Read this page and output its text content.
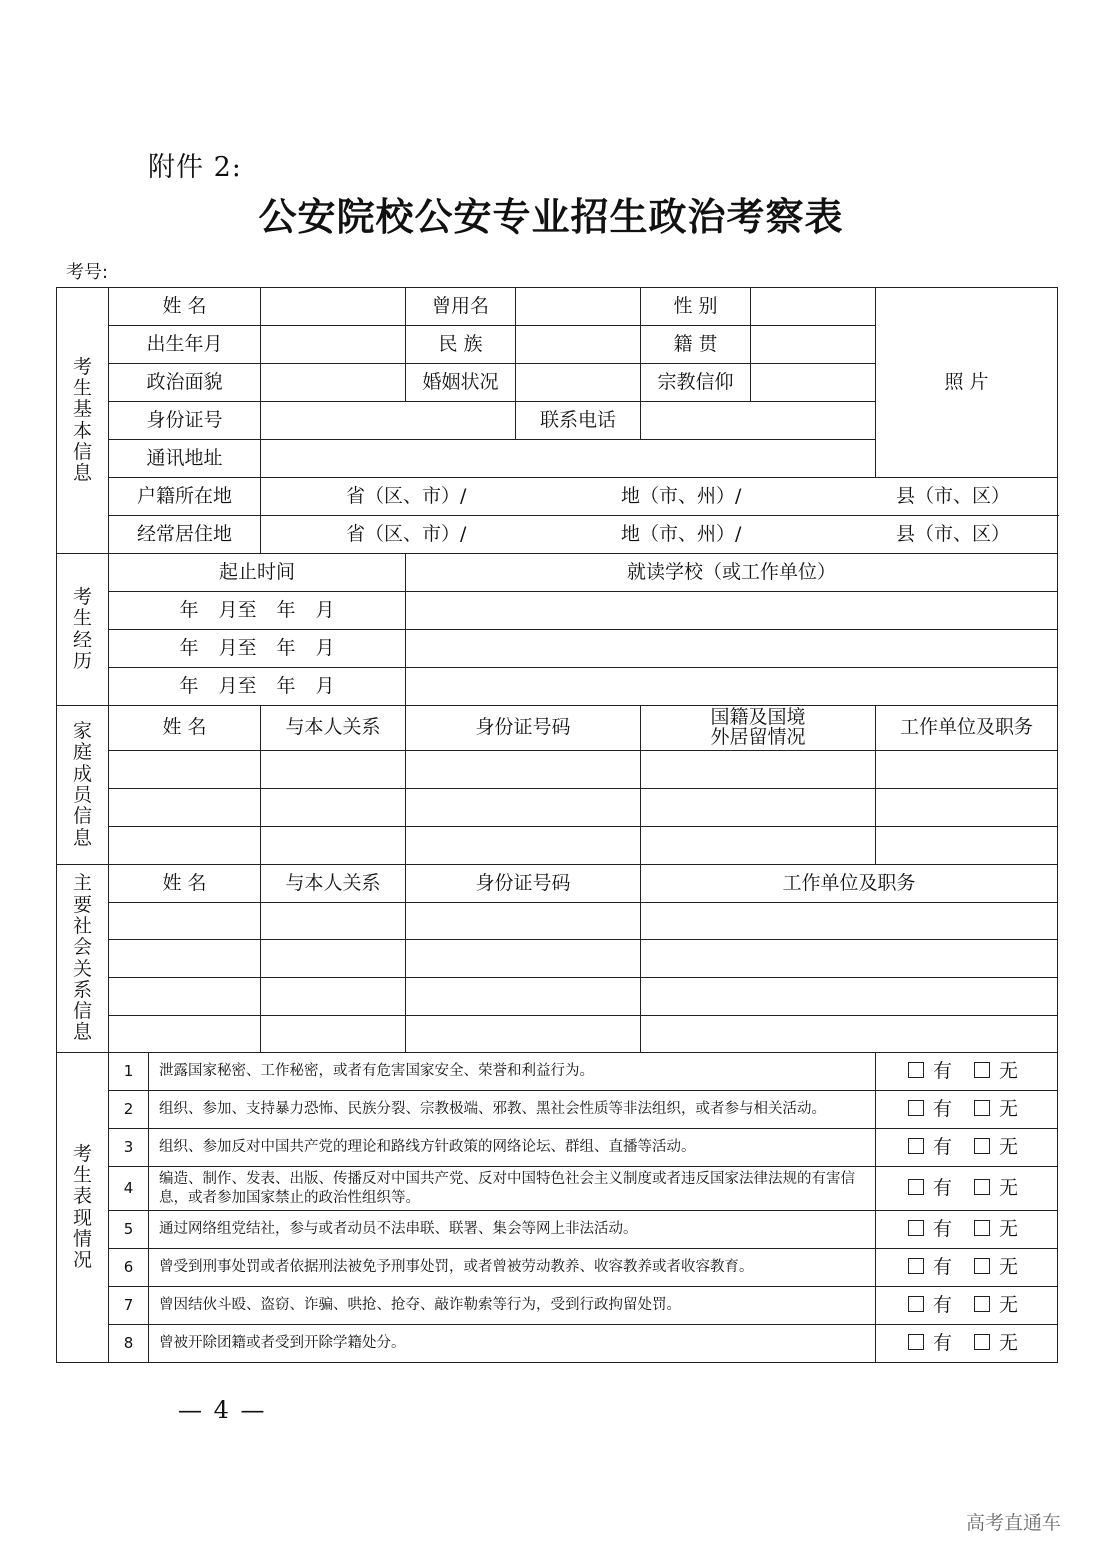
附件 2:
公安院校公安专业招生政治考察表
考号:
考生基本信息	姓 名			曾用名		性 别		照 片
	出生年月			民 族		籍 贯		
	政治面貌			婚姻状况		宗教信仰		
	身份证号				联系电话			
	通讯地址							
	户籍所在地		省（区、市）/ 地（市、州）/ 县（市、区）					
	经常居住地		省（区、市）/ 地（市、州）/ 县（市、区）					
考生经历	起止时间			就读学校（或工作单位）				
	年 月至 年 月							
	年 月至 年 月							
	年 月至 年 月							
家庭成员信息	姓 名		与本人关系	身份证号码		国籍及国境外居留情况		工作单位及职务

主要社会关系信息	姓 名		与本人关系	身份证号码		工作单位及职务		

考生表现情况	1	泄露国家秘密、工作秘密，或者有危害国家安全、荣誉和利益行为。						有 无
	2	组织、参加、支持暴力恐怖、民族分裂、宗教极端、邪教、黑社会性质等非法组织，或者参与相关活动。						有 无
	3	组织、参加反对中国共产党的理论和路线方针政策的网络论坛、群组、直播等活动。						有 无
	4	编造、制作、发表、出版、传播反对中国共产党、反对中国特色社会主义制度或者违反国家法律法规的有害信息，或者参加国家禁止的政治性组织等。						有 无
	5	通过网络组党结社，参与或者动员不法串联、联署、集会等网上非法活动。						有 无
	6	曾受到刑事处罚或者依据刑法被免予刑事处罚，或者曾被劳动教养、收容教养或者收容教育。						有 无
	7	曾因结伙斗殴、盗窃、诈骗、哄抢、抢夺、敲诈勒索等行为，受到行政拘留处罚。						有 无
	8	曾被开除团籍或者受到开除学籍处分。						有 无
— 4 —
高考直通车
